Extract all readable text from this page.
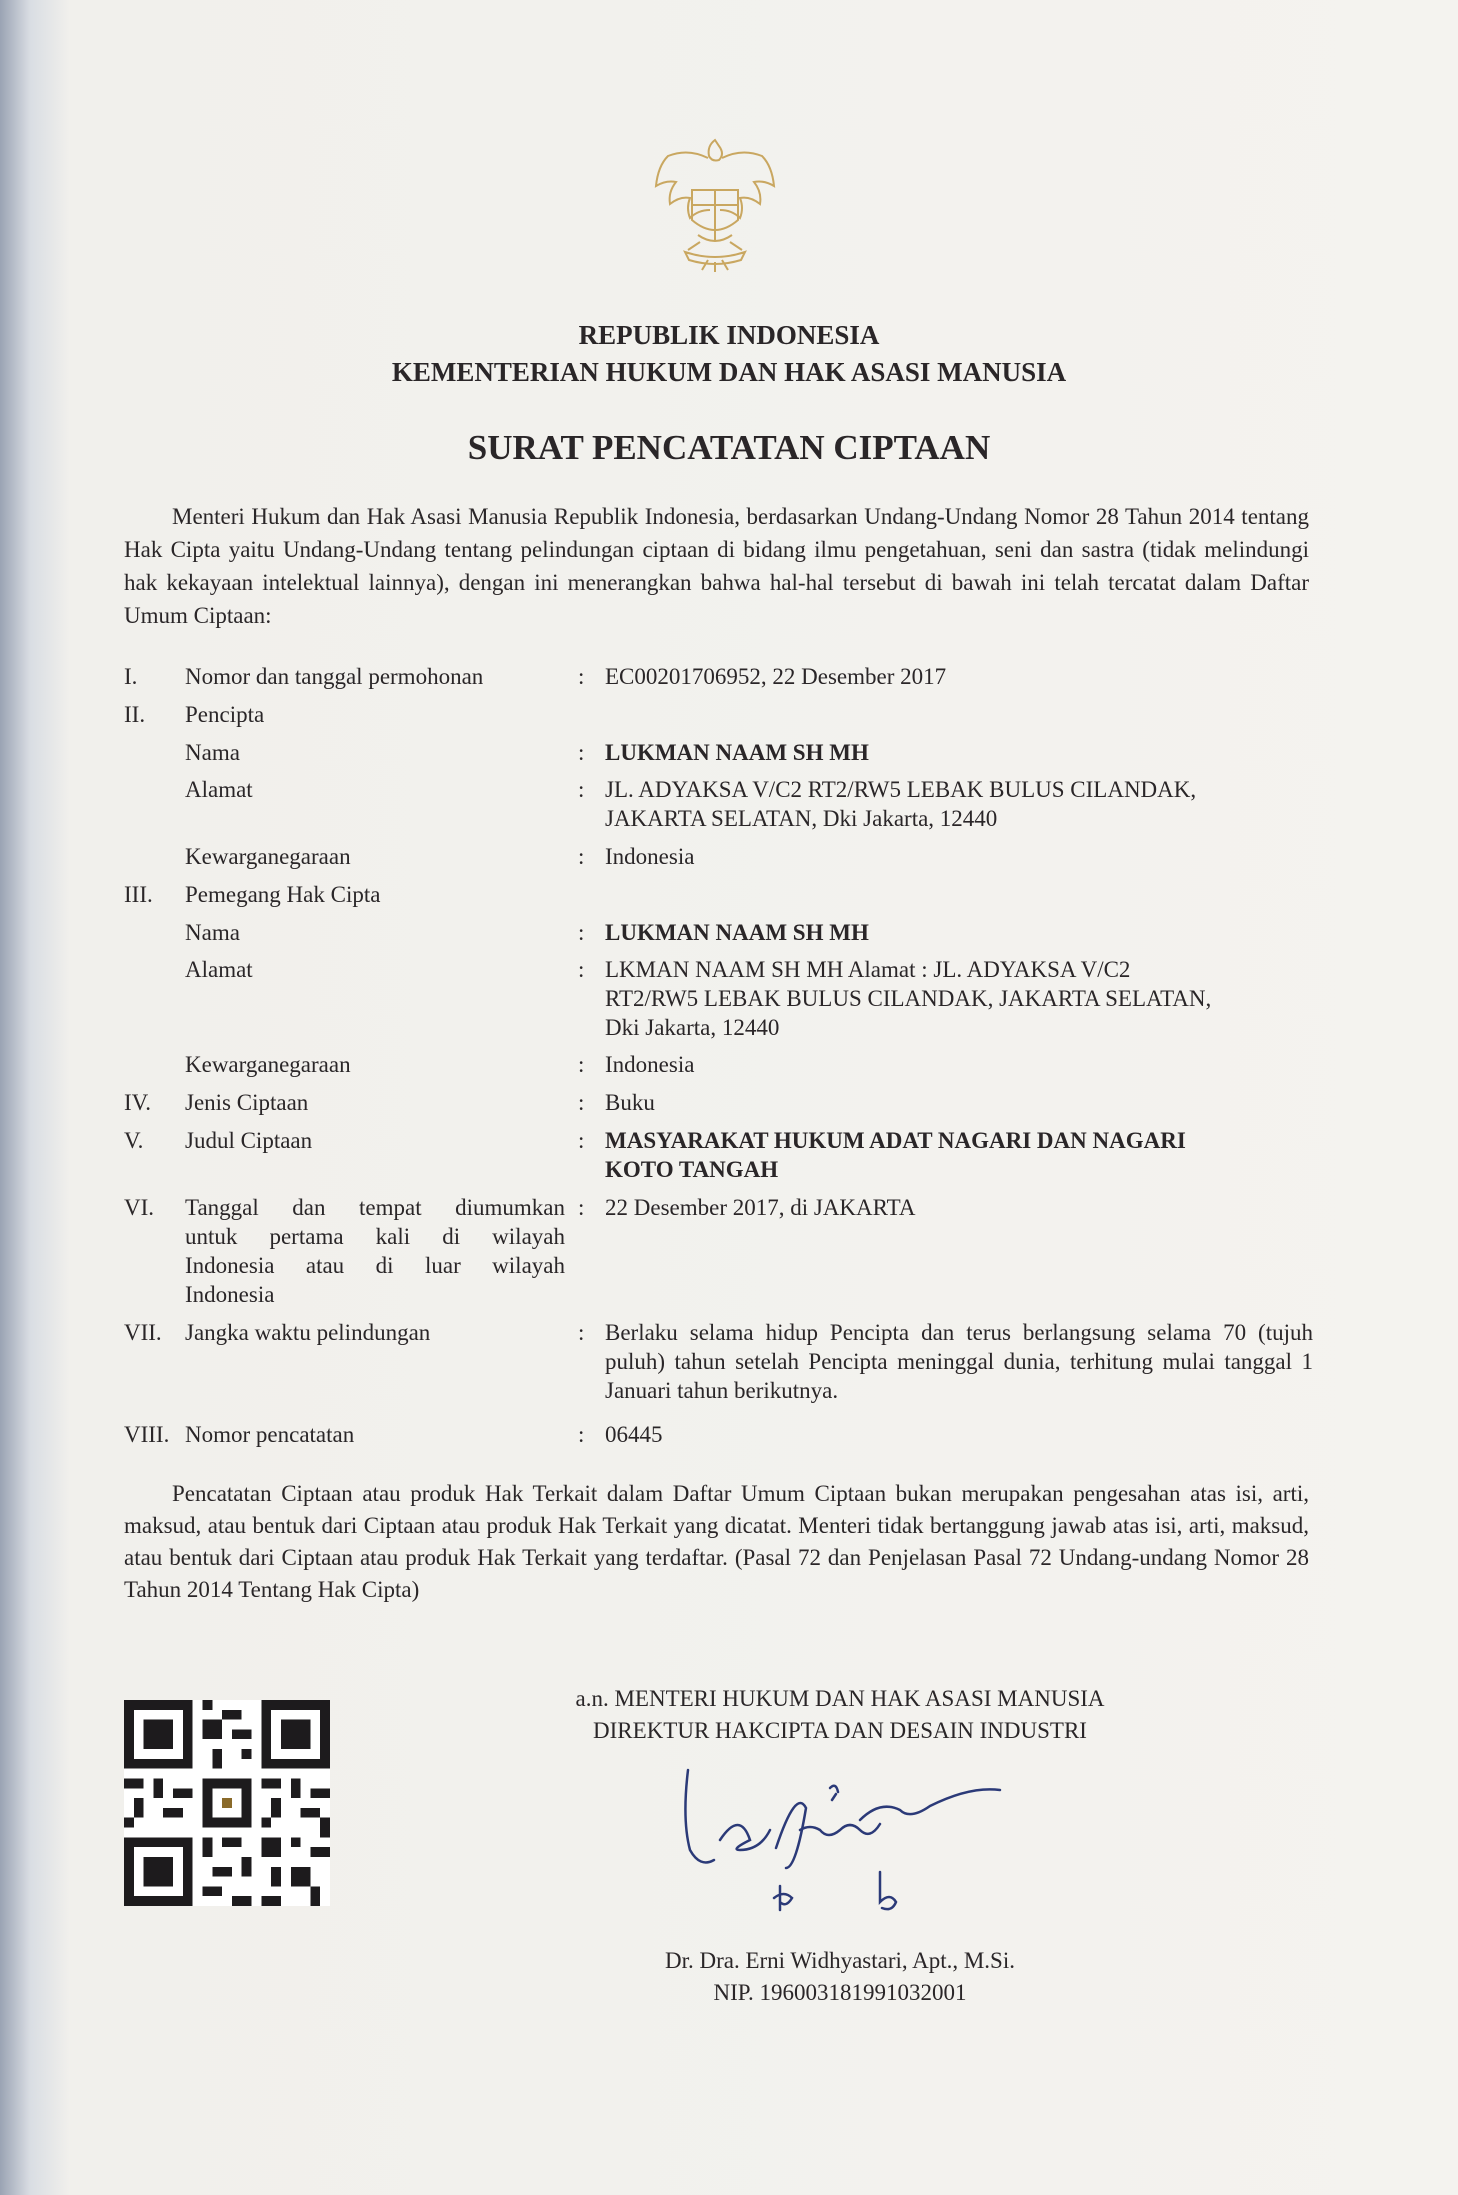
REPUBLIK INDONESIA
KEMENTERIAN HUKUM DAN HAK ASASI MANUSIA
SURAT PENCATATAN CIPTAAN
Menteri Hukum dan Hak Asasi Manusia Republik Indonesia, berdasarkan Undang-Undang Nomor 28 Tahun 2014 tentang Hak Cipta yaitu Undang-Undang tentang pelindungan ciptaan di bidang ilmu pengetahuan, seni dan sastra (tidak melindungi hak kekayaan intelektual lainnya), dengan ini menerangkan bahwa hal-hal tersebut di bawah ini telah tercatat dalam Daftar Umum Ciptaan:
I. Nomor dan tanggal permohonan	: EC00201706952, 22 Desember 2017
II. Pencipta
Nama	: LUKMAN NAAM SH MH
Alamat	: JL. ADYAKSA V/C2 RT2/RW5 LEBAK BULUS CILANDAK,
JAKARTA SELATAN, Dki Jakarta, 12440
Kewarganegaraan	: Indonesia
III. Pemegang Hak Cipta
Nama	: LUKMAN NAAM SH MH
Alamat	: LKMAN NAAM SH MH Alamat : JL. ADYAKSA V/C2
RT2/RW5 LEBAK BULUS CILANDAK, JAKARTA SELATAN,
Dki Jakarta, 12440
Kewarganegaraan	: Indonesia
IV. Jenis Ciptaan	: Buku
V. Judul Ciptaan	: MASYARAKAT HUKUM ADAT NAGARI DAN NAGARI
KOTO TANGAH
VI. Tanggal dan tempat diumumkan
untuk pertama kali di wilayah
Indonesia atau di luar wilayah
Indonesia
: 22 Desember 2017, di JAKARTA
VII. Jangka waktu pelindungan	: Berlaku selama hidup Pencipta dan terus berlangsung selama 70 (tujuh puluh) tahun setelah Pencipta meninggal dunia, terhitung mulai tanggal 1 Januari tahun berikutnya.
VIII. Nomor pencatatan	: 06445
Pencatatan Ciptaan atau produk Hak Terkait dalam Daftar Umum Ciptaan bukan merupakan pengesahan atas isi, arti, maksud, atau bentuk dari Ciptaan atau produk Hak Terkait yang dicatat. Menteri tidak bertanggung jawab atas isi, arti, maksud, atau bentuk dari Ciptaan atau produk Hak Terkait yang terdaftar. (Pasal 72 dan Penjelasan Pasal 72 Undang-undang Nomor 28 Tahun 2014 Tentang Hak Cipta)
a.n. MENTERI HUKUM DAN HAK ASASI MANUSIA
DIREKTUR HAKCIPTA DAN DESAIN INDUSTRI
Dr. Dra. Erni Widhyastari, Apt., M.Si.
NIP. 196003181991032001
